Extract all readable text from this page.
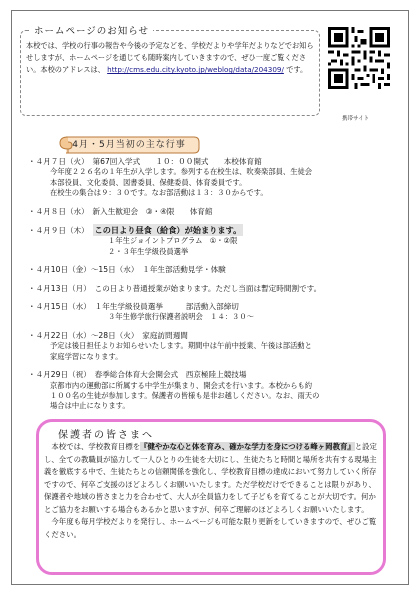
ホームページのお知らせ
本校では、学校の行事の報告や今後の予定などを、学校だよりや学年だよりなどでお知らせしますが、ホームページを通じても随時案内していきますので、ぜひ一度ご覧ください。本校のアドレスは、 http://cms.edu.city.kyoto.jp/weblog/data/204309/ です。
携帯サイト
4月・5月当初の主な行事
・４月７日（火）　第67回入学式　　１０：００開式　　本校体育館
今年度２２６名の１年生が入学します。参列する在校生は、吹奏楽部員、生徒会
本部役員、文化委員、図書委員、保健委員、体育委員です。
在校生の集合は９：３０です。なお部活動は１３：３０からです。
・４月８日（水）　新入生歓迎会　③・④限　　体育館
・４月９日（木）　 この日より昼食（給食）が始まります。
１年生ジョイントプログラム　①・②限
２・３年生学級役員選挙
・４月10日（金）～15日（水）　１年生部活動見学・体験
・４月13日（月）　この日より普通授業が始まります。ただし当面は暫定時間割です。
・４月15日（水）　１年生学級役員選挙　　　部活動入部締切
３年生修学旅行保護者説明会　１４：３０～
・４月22日（水）～28日（火）　家庭訪問週間
予定は後日担任よりお知らせいたします。期間中は午前中授業、午後は部活動と
家庭学習になります。
・４月29日（祝）　春季総合体育大会開会式　西京極陸上競技場
京都市内の運動部に所属する中学生が集まり、開会式を行います。本校からも約
１００名の生徒が参加します。保護者の皆様も是非お越しください。なお、雨天の
場合は中止になります。
保護者の皆さまへ
　本校では、学校教育目標を『健やかな心と体を育み、確かな学力を身につける峰ヶ岡教育』と設定し、全ての教職員が協力して一人ひとりの生徒を大切にし、生徒たちと時間と場所を共有する現場主義を徹底する中で、生徒たちとの信頼関係を強化し、学校教育目標の達成において努力していく所存ですので、何卒ご支援のほどよろしくお願いいたします。ただ学校だけでできることは限りがあり、保護者や地域の皆さまと力を合わせて、大人が全員協力をして子どもを育てることが大切です。何かとご協力をお願いする場合もあるかと思いますが、何卒ご理解のほどよろしくお願いいたします。
　今年度も毎月学校だよりを発行し、ホームページも可能な限り更新をしていきますので、ぜひご覧ください。
